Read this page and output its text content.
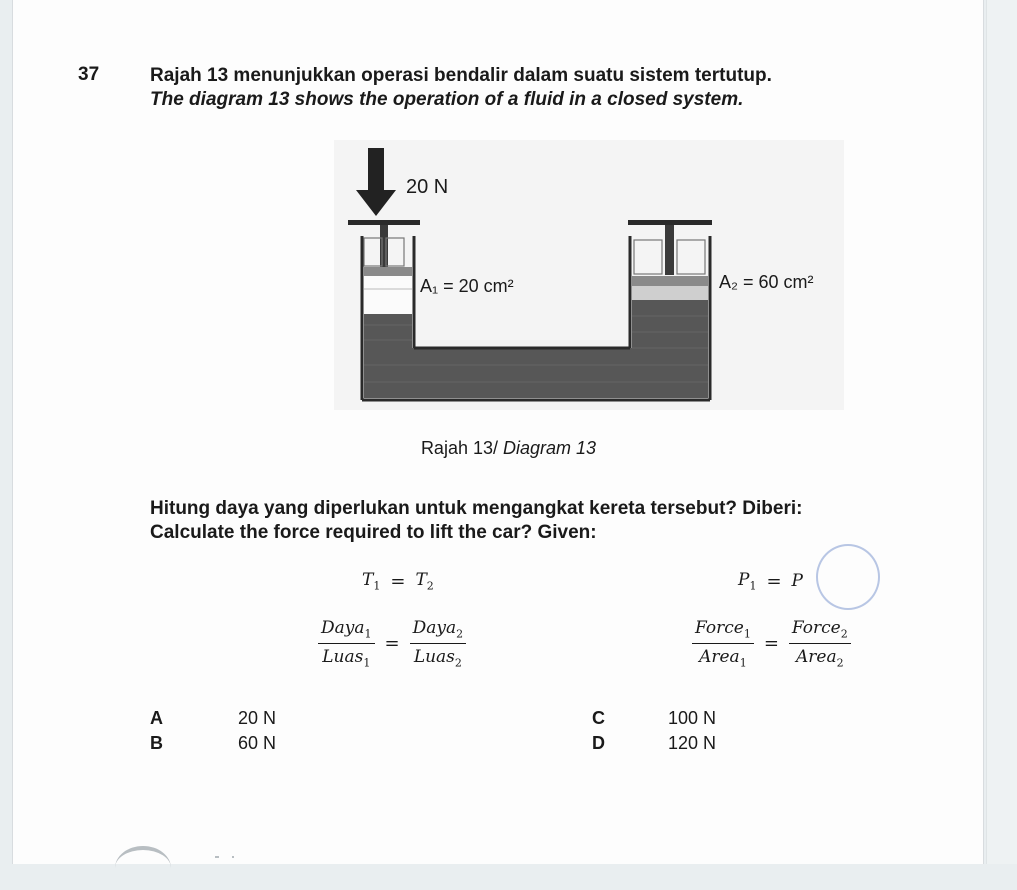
37	Rajah 13 menunjukkan operasi bendalir dalam suatu sistem tertutup.
The diagram 13 shows the operation of a fluid in a closed system.
20 N
A₁ = 20 cm²	A₂ = 60 cm²
Rajah 13/ Diagram 13
Hitung daya yang diperlukan untuk mengangkat kereta tersebut? Diberi:
Calculate the force required to lift the car? Given:
$T_1 = T_2$	$P_1 = P$
$\frac{Daya_1}{Luas_1} = \frac{Daya_2}{Luas_2}$	$\frac{Force_1}{Area_1} = \frac{Force_2}{Area_2}$
A	20 N
B	60 N
C	100 N
D	120 N
